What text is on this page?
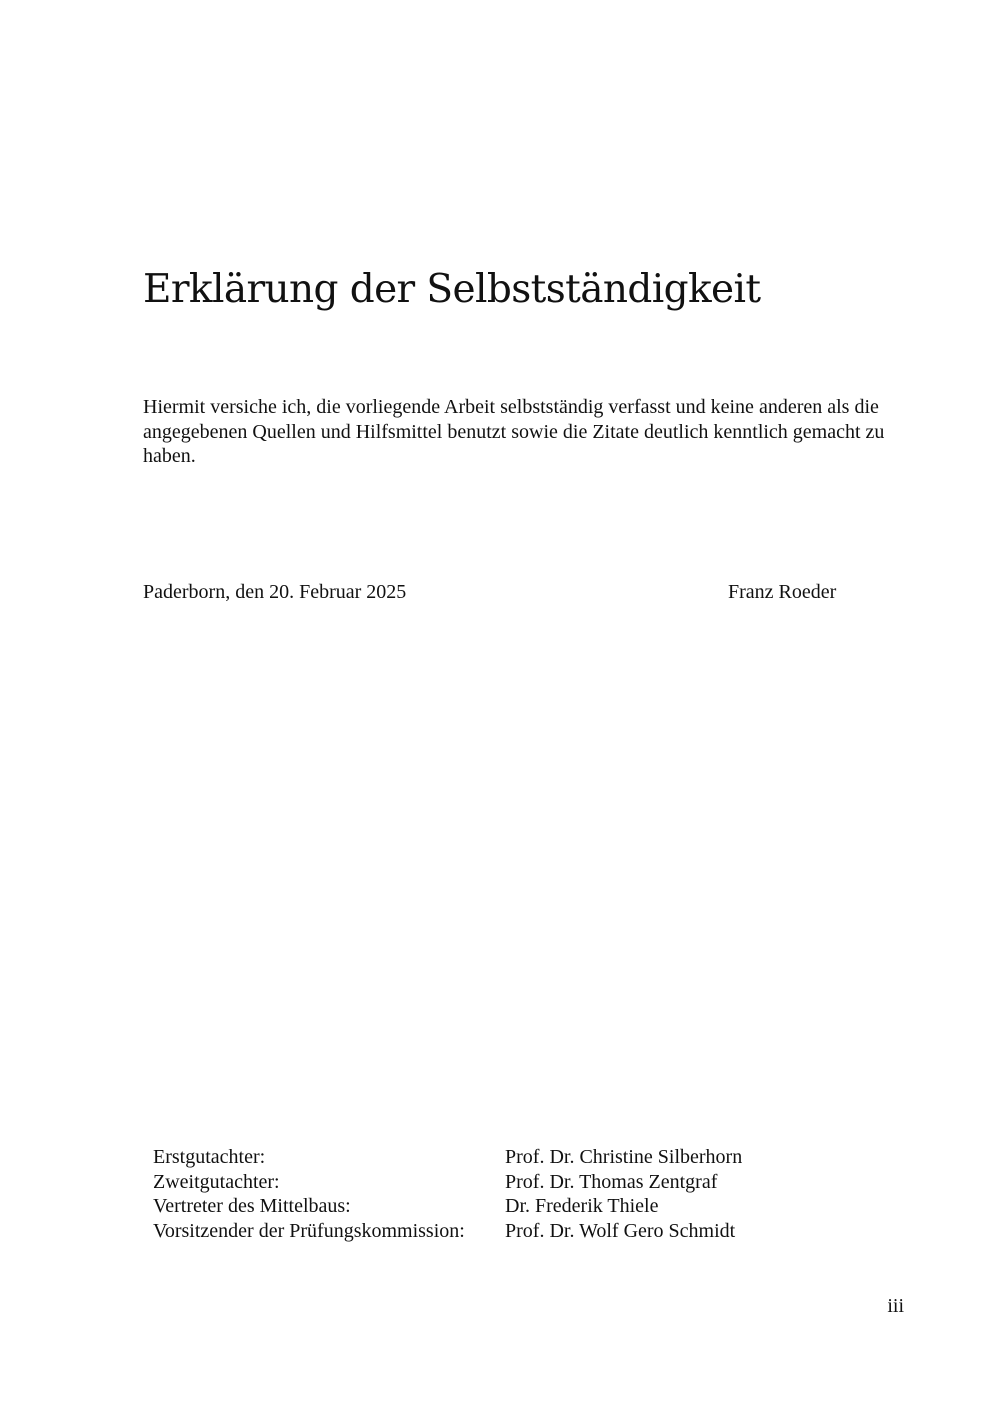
Erklärung der Selbstständigkeit

Hiermit versiche ich, die vorliegende Arbeit selbstständig verfasst und keine anderen als die angegebenen Quellen und Hilfsmittel benutzt sowie die Zitate deutlich kenntlich gemacht zu haben.

Paderborn, den 20. Februar 2025	Franz Roeder
Erstgutachter:	Prof. Dr. Christine Silberhorn
Zweitgutachter:	Prof. Dr. Thomas Zentgraf
Vertreter des Mittelbaus:	Dr. Frederik Thiele
Vorsitzender der Prüfungskommission:	Prof. Dr. Wolf Gero Schmidt
iii
